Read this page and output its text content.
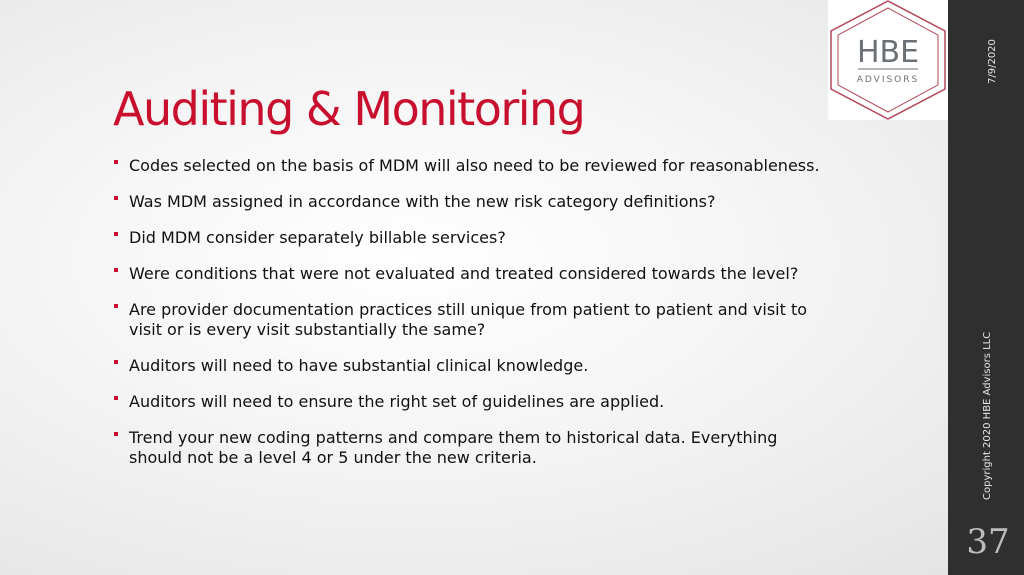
Auditing & Monitoring
Codes selected on the basis of MDM will also need to be reviewed for reasonableness.
Was MDM assigned in accordance with the new risk category definitions?
Did MDM consider separately billable services?
Were conditions that were not evaluated and treated considered towards the level?
Are provider documentation practices still unique from patient to patient and visit to visit or is every visit substantially the same?
Auditors will need to have substantial clinical knowledge.
Auditors will need to ensure the right set of guidelines are applied.
Trend your new coding patterns and compare them to historical data. Everything should not be a level 4 or 5 under the new criteria.
HBE
ADVISORS	7/9/2020
Copyright 2020 HBE Advisors LLC
37
